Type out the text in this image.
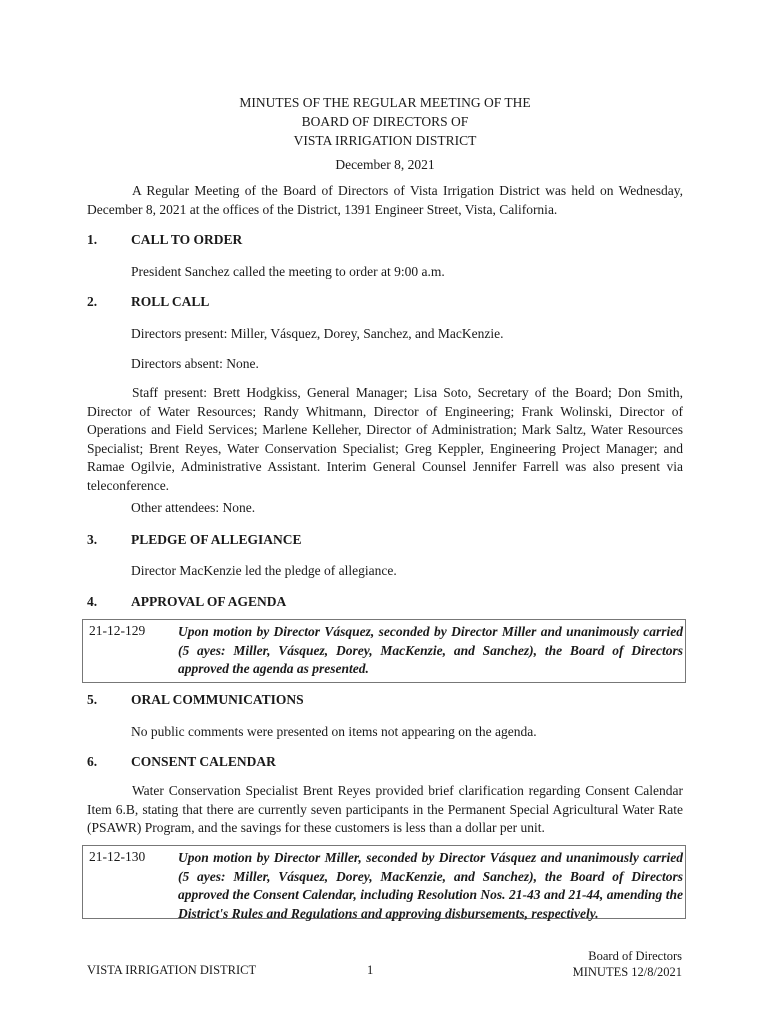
MINUTES OF THE REGULAR MEETING OF THE
BOARD OF DIRECTORS OF
VISTA IRRIGATION DISTRICT
December 8, 2021
A Regular Meeting of the Board of Directors of Vista Irrigation District was held on Wednesday, December 8, 2021 at the offices of the District, 1391 Engineer Street, Vista, California.
1.	CALL TO ORDER
President Sanchez called the meeting to order at 9:00 a.m.
2.	ROLL CALL
Directors present: Miller, Vásquez, Dorey, Sanchez, and MacKenzie.
Directors absent: None.
Staff present: Brett Hodgkiss, General Manager; Lisa Soto, Secretary of the Board; Don Smith, Director of Water Resources; Randy Whitmann, Director of Engineering; Frank Wolinski, Director of Operations and Field Services; Marlene Kelleher, Director of Administration; Mark Saltz, Water Resources Specialist; Brent Reyes, Water Conservation Specialist; Greg Keppler, Engineering Project Manager; and Ramae Ogilvie, Administrative Assistant. Interim General Counsel Jennifer Farrell was also present via teleconference.
Other attendees: None.
3.	PLEDGE OF ALLEGIANCE
Director MacKenzie led the pledge of allegiance.
4.	APPROVAL OF AGENDA
21-12-129 Upon motion by Director Vásquez, seconded by Director Miller and unanimously carried (5 ayes: Miller, Vásquez, Dorey, MacKenzie, and Sanchez), the Board of Directors approved the agenda as presented.
5.	ORAL COMMUNICATIONS
No public comments were presented on items not appearing on the agenda.
6.	CONSENT CALENDAR
Water Conservation Specialist Brent Reyes provided brief clarification regarding Consent Calendar Item 6.B, stating that there are currently seven participants in the Permanent Special Agricultural Water Rate (PSAWR) Program, and the savings for these customers is less than a dollar per unit.
21-12-130 Upon motion by Director Miller, seconded by Director Vásquez and unanimously carried (5 ayes: Miller, Vásquez, Dorey, MacKenzie, and Sanchez), the Board of Directors approved the Consent Calendar, including Resolution Nos. 21-43 and 21-44, amending the District's Rules and Regulations and approving disbursements, respectively.
VISTA IRRIGATION DISTRICT	1
Board of Directors
MINUTES 12/8/2021
